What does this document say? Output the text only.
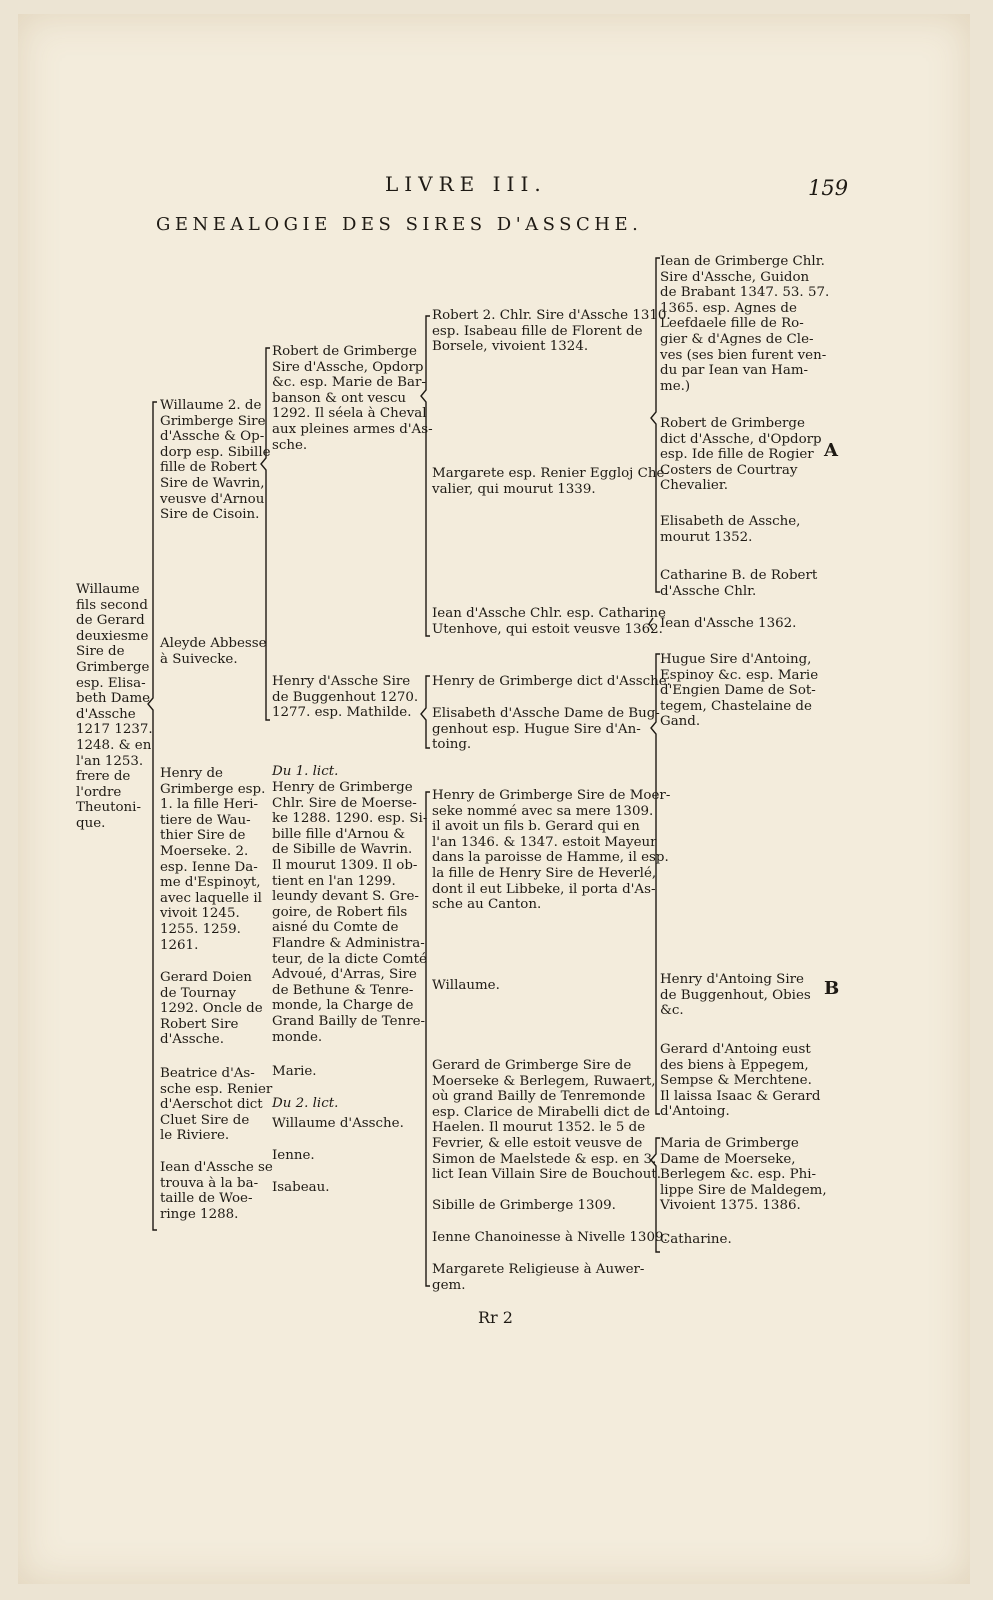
LIVRE III.	159
GENEALOGIE DES SIRES D'ASSCHE.
Willaume
fils second
de Gerard
deuxiesme
Sire de
Grimberge
esp. Elisa-
beth Dame
d'Assche
1217 1237.
1248. & en
l'an 1253.
frere de
l'ordre
Theutoni-
que.
Willaume 2. de
Grimberge Sire
d'Assche & Op-
dorp esp. Sibille
fille de Robert
Sire de Wavrin,
veusve d'Arnou
Sire de Cisoin.
Aleyde Abbesse
à Suivecke.
Henry de
Grimberge esp.
1. la fille Heri-
tiere de Wau-
thier Sire de
Moerseke. 2.
esp. Ienne Da-
me d'Espinoyt,
avec laquelle il
vivoit 1245.
1255. 1259.
1261.
Gerard Doien
de Tournay
1292. Oncle de
Robert Sire
d'Assche.
Beatrice d'As-
sche esp. Renier
d'Aerschot dict
Cluet Sire de
le Riviere.
Iean d'Assche se
trouva à la ba-
taille de Woe-
ringe 1288.
Robert de Grimberge
Sire d'Assche, Opdorp
&c. esp. Marie de Bar-
banson & ont vescu
1292. Il séela à Cheval
aux pleines armes d'As-
sche.
Henry d'Assche Sire
de Buggenhout 1270.
1277. esp. Mathilde.
Du 1. lict.
Henry de Grimberge
Chlr. Sire de Moerse-
ke 1288. 1290. esp. Si-
bille fille d'Arnou &
de Sibille de Wavrin.
Il mourut 1309. Il ob-
tient en l'an 1299.
leundy devant S. Gre-
goire, de Robert fils
aisné du Comte de
Flandre & Administra-
teur, de la dicte Comté
Advoué, d'Arras, Sire
de Bethune & Tenre-
monde, la Charge de
Grand Bailly de Tenre-
monde.
Marie.
Du 2. lict.
Willaume d'Assche.
Ienne.
Isabeau.
Robert 2. Chlr. Sire d'Assche 1310.
esp. Isabeau fille de Florent de
Borsele, vivoient 1324.
Margarete esp. Renier Eggloj Che-
valier, qui mourut 1339.
Iean d'Assche Chlr. esp. Catharine
Utenhove, qui estoit veusve 1362.
Henry de Grimberge dict d'Assche.
Elisabeth d'Assche Dame de Bug-
genhout esp. Hugue Sire d'An-
toing.
Henry de Grimberge Sire de Moer-
seke nommé avec sa mere 1309.
il avoit un fils b. Gerard qui en
l'an 1346. & 1347. estoit Mayeur
dans la paroisse de Hamme, il esp.
la fille de Henry Sire de Heverlé,
dont il eut Libbeke, il porta d'As-
sche au Canton.
Willaume.
Gerard de Grimberge Sire de
Moerseke & Berlegem, Ruwaert,
où grand Bailly de Tenremonde
esp. Clarice de Mirabelli dict de
Haelen. Il mourut 1352. le 5 de
Fevrier, & elle estoit veusve de
Simon de Maelstede & esp. en 3.
lict Iean Villain Sire de Bouchout.
Sibille de Grimberge 1309.
Ienne Chanoinesse à Nivelle 1309.
Margarete Religieuse à Auwer-
gem.
Iean de Grimberge Chlr.
Sire d'Assche, Guidon
de Brabant 1347. 53. 57.
1365. esp. Agnes de
Leefdaele fille de Ro-
gier & d'Agnes de Cle-
ves (ses bien furent ven-
du par Iean van Ham-
me.)
Robert de Grimberge
dict d'Assche, d'Opdorp
esp. Ide fille de Rogier
Costers de Courtray
Chevalier.
Elisabeth de Assche,
mourut 1352.
Catharine B. de Robert
d'Assche Chlr.
Iean d'Assche 1362.
Hugue Sire d'Antoing,
Espinoy &c. esp. Marie
d'Engien Dame de Sot-
tegem, Chastelaine de
Gand.
Henry d'Antoing Sire
de Buggenhout, Obies
&c.
Gerard d'Antoing eust
des biens à Eppegem,
Sempse & Merchtene.
Il laissa Isaac & Gerard
d'Antoing.
Maria de Grimberge
Dame de Moerseke,
Berlegem &c. esp. Phi-
lippe Sire de Maldegem,
Vivoient 1375. 1386.
Catharine.
A
B
Rr 2
